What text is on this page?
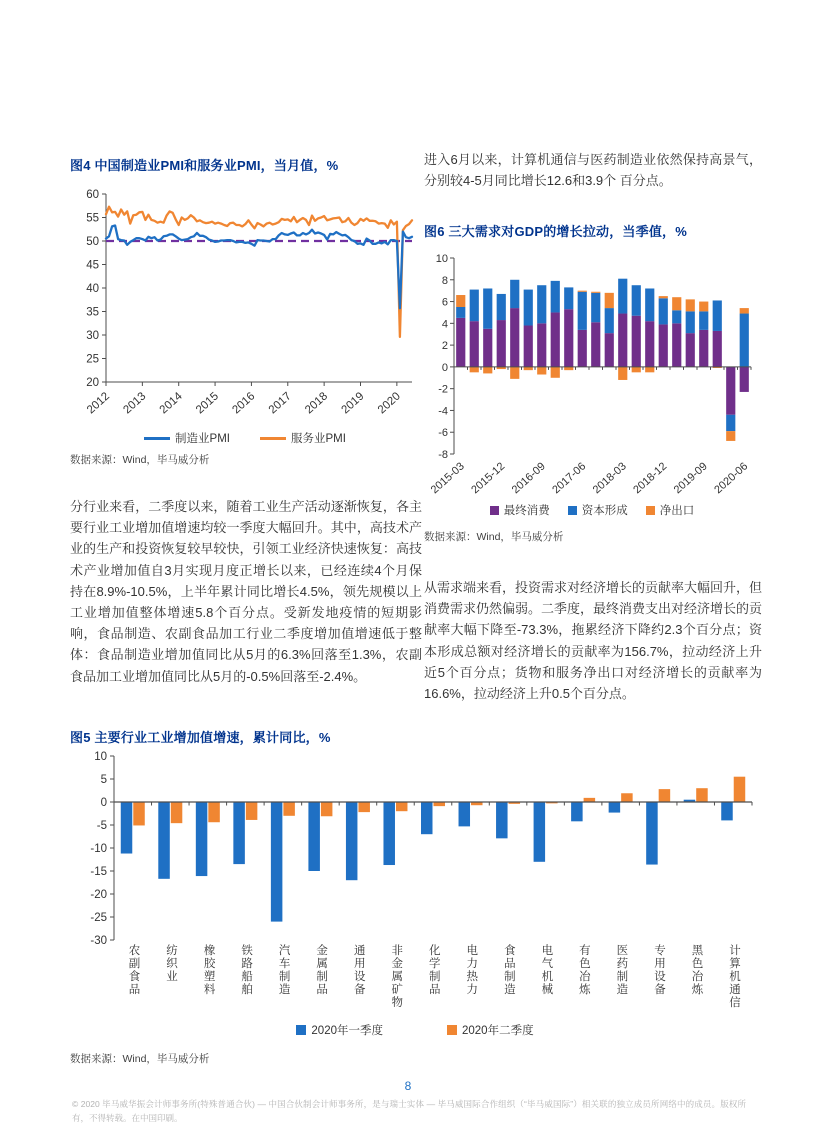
图4 中国制造业PMI和服务业PMI，当月值，%
20
25
30
35
40
45
50
55
60
2012 2013 2014 2015 2016 2017 2018 2019 2020
制造业PMI	服务业PMI
数据来源：Wind，毕马威分析
进入6月以来，计算机通信与医药制造业依然保持高景气，分别较4-5月同比增长12.6和3.9个 百分点。
图6 三大需求对GDP的增长拉动，当季值，%
-8
-6
-4
-2
0
2
4
6
8
10
2015-03 2015-12 2016-09 2017-06 2018-03 2018-12 2019-09 2020-06
最终消费	资本形成	净出口
数据来源：Wind，毕马威分析
分行业来看，二季度以来，随着工业生产活动逐渐恢复，各主要行业工业增加值增速均较一季度大幅回升。其中，高技术产业的生产和投资恢复较早较快，引领工业经济快速恢复：高技术产业增加值自3月实现月度正增长以来，已经连续4个月保持在8.9%-10.5%，上半年累计同比增长4.5%，领先规模以上工业增加值整体增速5.8个百分点。受新发地疫情的短期影响，食品制造、农副食品加工行业二季度增加值增速低于整体：食品制造业增加值同比从5月的6.3%回落至1.3%，农副食品加工业增加值同比从5月的-0.5%回落至-2.4%。
从需求端来看，投资需求对经济增长的贡献率大幅回升，但消费需求仍然偏弱。二季度，最终消费支出对经济增长的贡献率大幅下降至-73.3%，拖累经济下降约2.3个百分点；资本形成总额对经济增长的贡献率为156.7%，拉动经济上升近5个百分点；货物和服务净出口对经济增长的贡献率为16.6%，拉动经济上升0.5个百分点。
图5 主要行业工业增加值增速，累计同比，%
-30
-25
-20
-15
-10
-5
0
5
10
农副食品 纺织业 橡胶塑料 铁路船舶 汽车制造 金属制品 通用设备 非金属矿物 化学制品 电力热力 食品制造 电气机械 有色冶炼 医药制造 专用设备 黑色冶炼 计算机通信
2020年一季度	2020年二季度
数据来源：Wind，毕马威分析
8
© 2020 毕马威华振会计师事务所(特殊普通合伙) — 中国合伙制会计师事务所，是与瑞士实体 — 毕马威国际合作组织（“毕马威国际”）相关联的独立成员所网络中的成员。版权所有，不得转载。在中国印刷。
